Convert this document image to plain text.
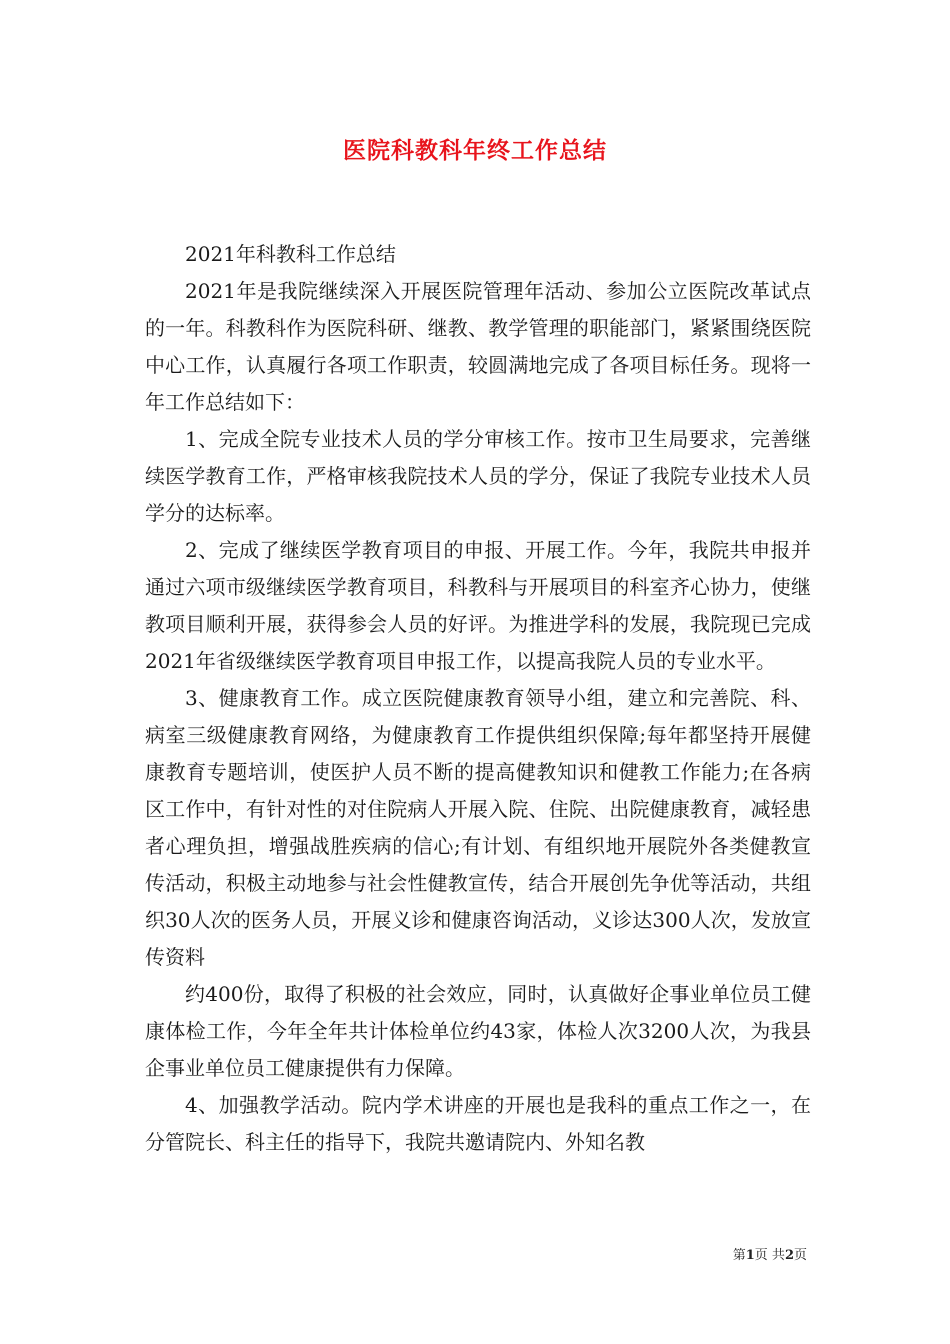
医院科教科年终工作总结

2021年科教科工作总结

2021年是我院继续深入开展医院管理年活动、参加公立医院改革试点的一年。科教科作为医院科研、继教、教学管理的职能部门，紧紧围绕医院中心工作，认真履行各项工作职责，较圆满地完成了各项目标任务。现将一年工作总结如下：

1、完成全院专业技术人员的学分审核工作。按市卫生局要求，完善继续医学教育工作，严格审核我院技术人员的学分，保证了我院专业技术人员学分的达标率。

2、完成了继续医学教育项目的申报、开展工作。今年，我院共申报并通过六项市级继续医学教育项目，科教科与开展项目的科室齐心协力，使继教项目顺利开展，获得参会人员的好评。为推进学科的发展，我院现已完成2021年省级继续医学教育项目申报工作，以提高我院人员的专业水平。

3、健康教育工作。成立医院健康教育领导小组，建立和完善院、科、病室三级健康教育网络，为健康教育工作提供组织保障;每年都坚持开展健康教育专题培训，使医护人员不断的提高健教知识和健教工作能力;在各病区工作中，有针对性的对住院病人开展入院、住院、出院健康教育，减轻患者心理负担，增强战胜疾病的信心;有计划、有组织地开展院外各类健教宣传活动，积极主动地参与社会性健教宣传，结合开展创先争优等活动，共组织30人次的医务人员，开展义诊和健康咨询活动，义诊达300人次，发放宣传资料

约400份，取得了积极的社会效应，同时，认真做好企事业单位员工健康体检工作，今年全年共计体检单位约43家，体检人次3200人次，为我县企事业单位员工健康提供有力保障。

4、加强教学活动。院内学术讲座的开展也是我科的重点工作之一，在分管院长、科主任的指导下，我院共邀请院内、外知名教

第1页 共2页
